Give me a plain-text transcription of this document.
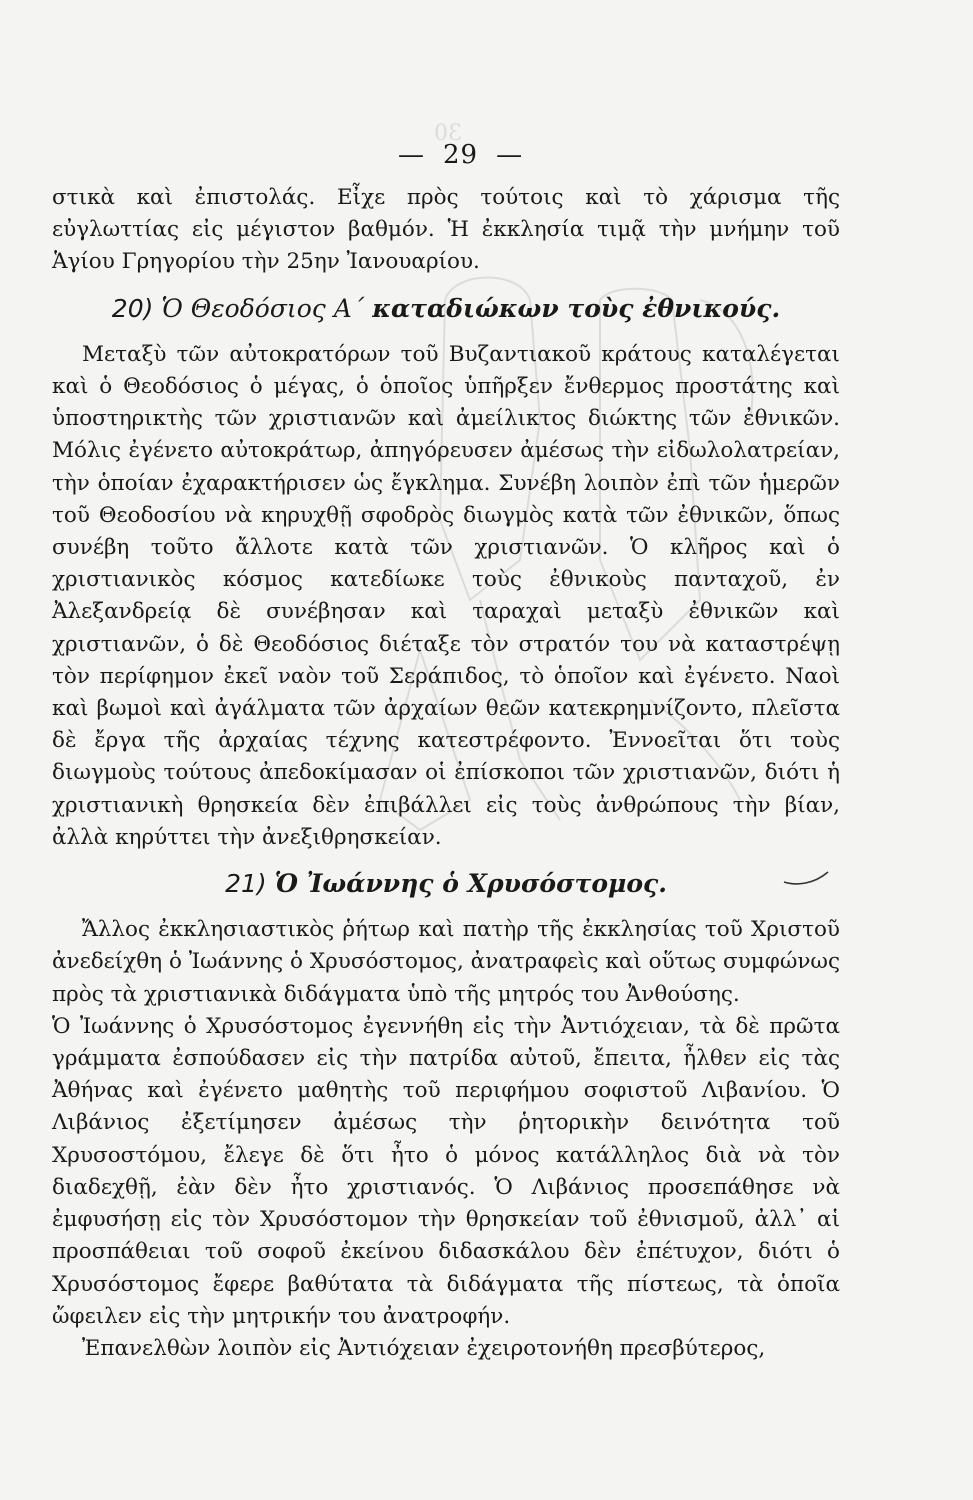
30
— 29 —

στικὰ καὶ ἐπιστολάς. Εἶχε πρὸς τούτοις καὶ τὸ χάρισμα τῆς εὐγλωττίας εἰς μέγιστον βαθμόν. Ἡ ἐκκλησία τιμᾷ τὴν μνήμην τοῦ Ἁγίου Γρηγορίου τὴν 25ην Ἰανουαρίου.

20) Ὁ Θεοδόσιος Α΄ καταδιώκων τοὺς ἐθνικούς.

Μεταξὺ τῶν αὐτοκρατόρων τοῦ Βυζαντιακοῦ κράτους καταλέγεται καὶ ὁ Θεοδόσιος ὁ μέγας, ὁ ὁποῖος ὑπῆρξεν ἔνθερμος προστάτης καὶ ὑποστηρικτὴς τῶν χριστιανῶν καὶ ἀμείλικτος διώκτης τῶν ἐθνικῶν. Μόλις ἐγένετο αὐτοκράτωρ, ἀπηγόρευσεν ἀμέσως τὴν εἰδωλολατρείαν, τὴν ὁποίαν ἐχαρακτήρισεν ὡς ἔγκλημα. Συνέβη λοιπὸν ἐπὶ τῶν ἡμερῶν τοῦ Θεοδοσίου νὰ κηρυχθῇ σφοδρὸς διωγμὸς κατὰ τῶν ἐθνικῶν, ὅπως συνέβη τοῦτο ἄλλοτε κατὰ τῶν χριστιανῶν. Ὁ κλῆρος καὶ ὁ χριστιανικὸς κόσμος κατεδίωκε τοὺς ἐθνικοὺς πανταχοῦ, ἐν Ἀλεξανδρείᾳ δὲ συνέβησαν καὶ ταραχαὶ μεταξὺ ἐθνικῶν καὶ χριστιανῶν, ὁ δὲ Θεοδόσιος διέταξε τὸν στρατόν του νὰ καταστρέψῃ τὸν περίφημον ἐκεῖ ναὸν τοῦ Σεράπιδος, τὸ ὁποῖον καὶ ἐγένετο. Ναοὶ καὶ βωμοὶ καὶ ἀγάλματα τῶν ἀρχαίων θεῶν κατεκρημνίζοντο, πλεῖστα δὲ ἔργα τῆς ἀρχαίας τέχνης κατεστρέφοντο. Ἐννοεῖται ὅτι τοὺς διωγμοὺς τούτους ἀπεδοκίμασαν οἱ ἐπίσκοποι τῶν χριστιανῶν, διότι ἡ χριστιανικὴ θρησκεία δὲν ἐπιβάλλει εἰς τοὺς ἀνθρώπους τὴν βίαν, ἀλλὰ κηρύττει τὴν ἀνεξιθρησκείαν.

21) Ὁ Ἰωάννης ὁ Χρυσόστομος.

Ἄλλος ἐκκλησιαστικὸς ῥήτωρ καὶ πατὴρ τῆς ἐκκλησίας τοῦ Χριστοῦ ἀνεδείχθη ὁ Ἰωάννης ὁ Χρυσόστομος, ἀνατραφεὶς καὶ οὕτως συμφώνως πρὸς τὰ χριστιανικὰ διδάγματα ὑπὸ τῆς μητρός του Ἀνθούσης.

Ὁ Ἰωάννης ὁ Χρυσόστομος ἐγεννήθη εἰς τὴν Ἀντιόχειαν, τὰ δὲ πρῶτα γράμματα ἐσπούδασεν εἰς τὴν πατρίδα αὐτοῦ, ἔπειτα, ἦλθεν εἰς τὰς Ἀθήνας καὶ ἐγένετο μαθητὴς τοῦ περιφήμου σοφιστοῦ Λιβανίου. Ὁ Λιβάνιος ἐξετίμησεν ἀμέσως τὴν ῥητορικὴν δεινότητα τοῦ Χρυσοστόμου, ἔλεγε δὲ ὅτι ἦτο ὁ μόνος κατάλληλος διὰ νὰ τὸν διαδεχθῇ, ἐὰν δὲν ἦτο χριστιανός. Ὁ Λιβάνιος προσεπάθησε νὰ ἐμφυσήσῃ εἰς τὸν Χρυσόστομον τὴν θρησκείαν τοῦ ἐθνισμοῦ, ἀλλ᾽ αἱ προσπάθειαι τοῦ σοφοῦ ἐκείνου διδασκάλου δὲν ἐπέτυχον, διότι ὁ Χρυσόστομος ἔφερε βαθύτατα τὰ διδάγματα τῆς πίστεως, τὰ ὁποῖα ὤφειλεν εἰς τὴν μητρικήν του ἀνατροφήν.

Ἐπανελθὼν λοιπὸν εἰς Ἀντιόχειαν ἐχειροτονήθη πρεσβύτερος,
